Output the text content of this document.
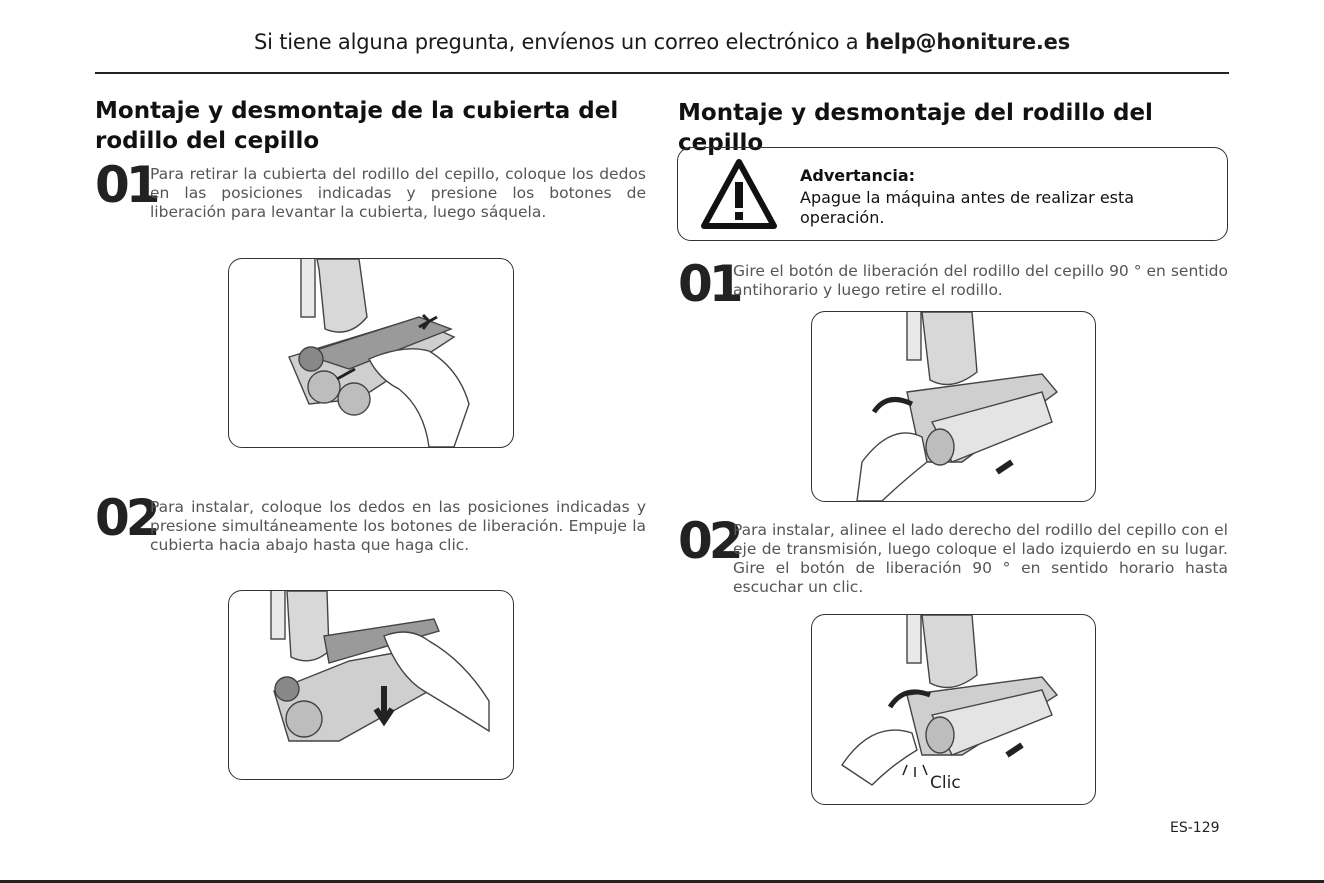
Si tiene alguna pregunta, envíenos un correo electrónico a help@honiture.es
Montaje y desmontaje de la cubierta del rodillo del cepillo
01
Para retirar la cubierta del rodillo del cepillo, coloque los dedos en las posiciones indicadas y presione los botones de liberación para levantar la cubierta, luego sáquela.
02
Para instalar, coloque los dedos en las posiciones indicadas y presione simultáneamente los botones de liberación. Empuje la cubierta hacia abajo hasta que haga clic.
Montaje y desmontaje del rodillo del cepillo
Advertancia:
Apague la máquina antes de realizar esta operación.
01
Gire el botón de liberación del rodillo del cepillo 90 ° en sentido antihorario y luego retire el rodillo.
02
Para instalar, alinee el lado derecho del rodillo del cepillo con el eje de transmisión, luego coloque el lado izquierdo en su lugar. Gire el botón de liberación 90 ° en sentido horario hasta escuchar un clic.
Clic
ES-129
